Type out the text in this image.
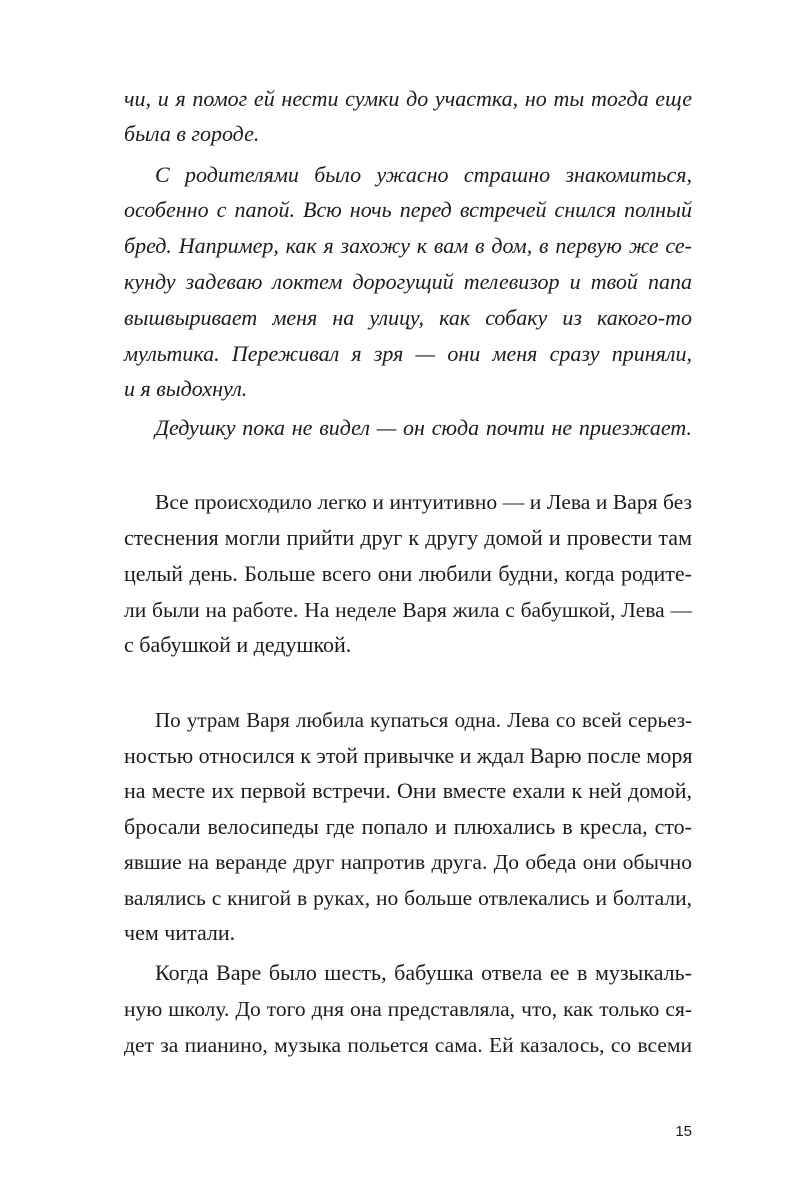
чи, и я помог ей нести сумки до участка, но ты тогда еще
была в городе.
С родителями было ужасно страшно знакомиться,
особенно с папой. Всю ночь перед встречей снился полный
бред. Например, как я захожу к вам в дом, в первую же се-
кунду задеваю локтем дорогущий телевизор и твой папа
вышвыривает меня на улицу, как собаку из какого-то
мультика. Переживал я зря — они меня сразу приняли,
и я выдохнул.
Дедушку пока не видел — он сюда почти не приезжает.
Все происходило легко и интуитивно — и Лева и Варя без
стеснения могли прийти друг к другу домой и провести там
целый день. Больше всего они любили будни, когда родите-
ли были на работе. На неделе Варя жила с бабушкой, Лева —
с бабушкой и дедушкой.
По утрам Варя любила купаться одна. Лева со всей серьез-
ностью относился к этой привычке и ждал Варю после моря
на месте их первой встречи. Они вместе ехали к ней домой,
бросали велосипеды где попало и плюхались в кресла, сто-
явшие на веранде друг напротив друга. До обеда они обычно
валялись с книгой в руках, но больше отвлекались и болтали,
чем читали.
Когда Варе было шесть, бабушка отвела ее в музыкаль-
ную школу. До того дня она представляла, что, как только ся-
дет за пианино, музыка польется сама. Ей казалось, со всеми
15
